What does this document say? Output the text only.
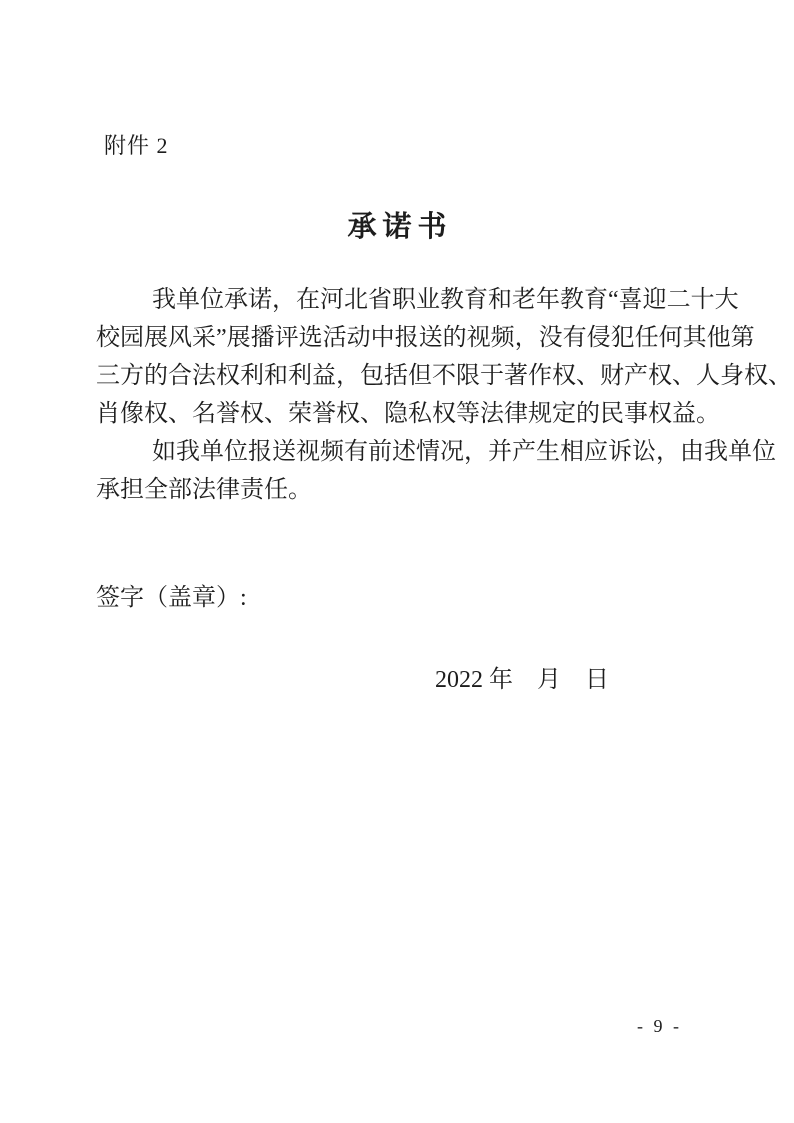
附件 2
承诺书
我单位承诺，在河北省职业教育和老年教育“喜迎二十大
校园展风采”展播评选活动中报送的视频，没有侵犯任何其他第
三方的合法权利和利益，包括但不限于著作权、财产权、人身权、
肖像权、名誉权、荣誉权、隐私权等法律规定的民事权益。
如我单位报送视频有前述情况，并产生相应诉讼，由我单位
承担全部法律责任。
签字（盖章）:
2022 年　月　日
- 9 -
